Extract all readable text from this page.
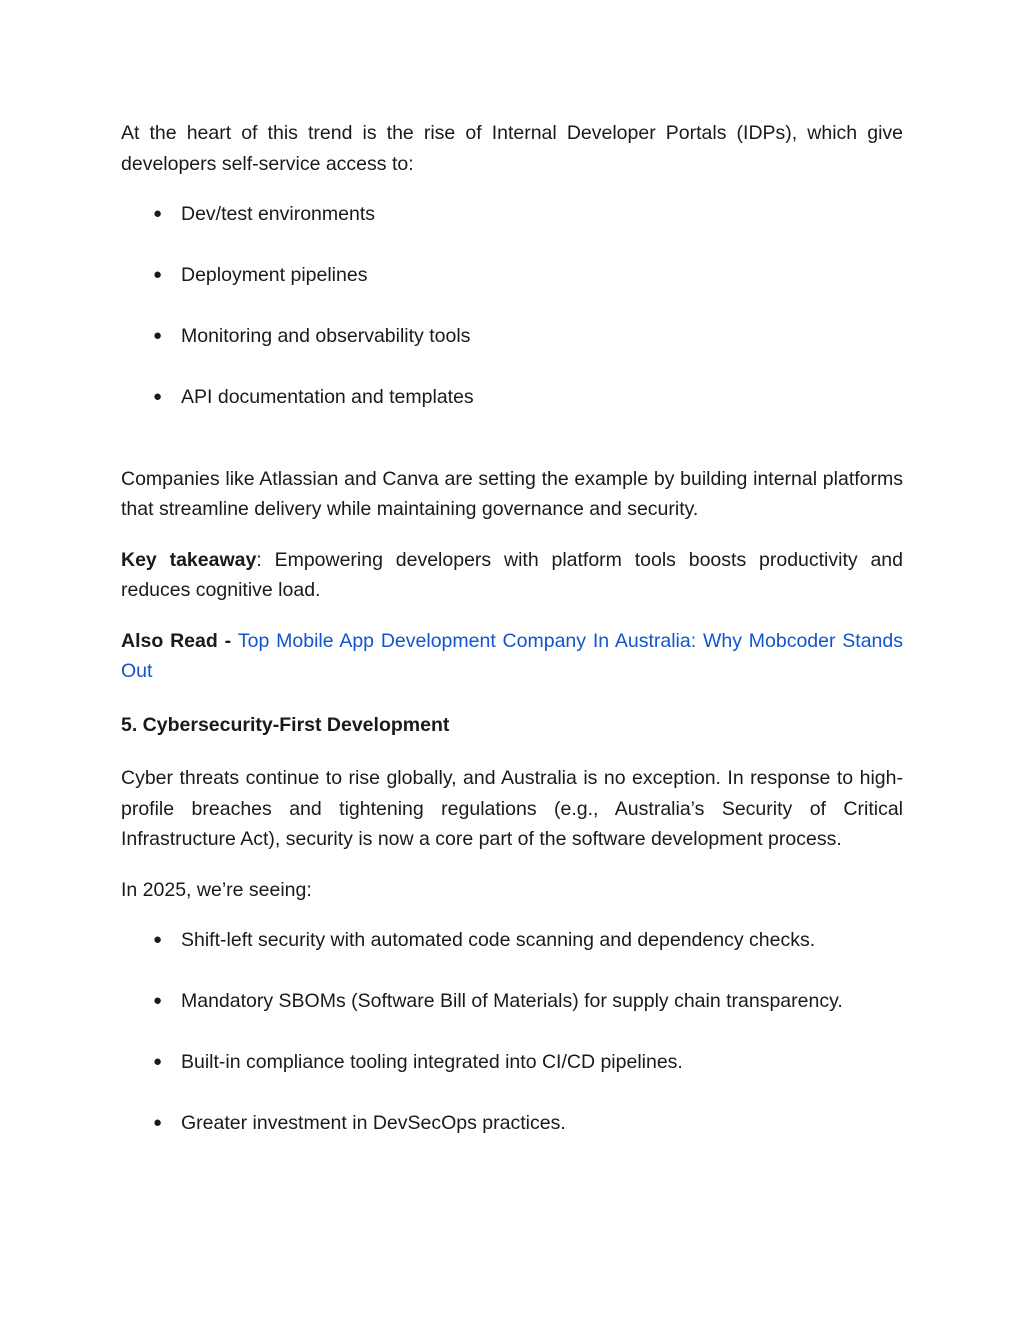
At the heart of this trend is the rise of Internal Developer Portals (IDPs), which give developers self-service access to:

● Dev/test environments
● Deployment pipelines
● Monitoring and observability tools
● API documentation and templates

Companies like Atlassian and Canva are setting the example by building internal platforms that streamline delivery while maintaining governance and security.

Key takeaway: Empowering developers with platform tools boosts productivity and reduces cognitive load.

Also Read - Top Mobile App Development Company In Australia: Why Mobcoder Stands Out

5. Cybersecurity-First Development

Cyber threats continue to rise globally, and Australia is no exception. In response to high-profile breaches and tightening regulations (e.g., Australia’s Security of Critical Infrastructure Act), security is now a core part of the software development process.

In 2025, we’re seeing:

● Shift-left security with automated code scanning and dependency checks.
● Mandatory SBOMs (Software Bill of Materials) for supply chain transparency.
● Built-in compliance tooling integrated into CI/CD pipelines.
● Greater investment in DevSecOps practices.
